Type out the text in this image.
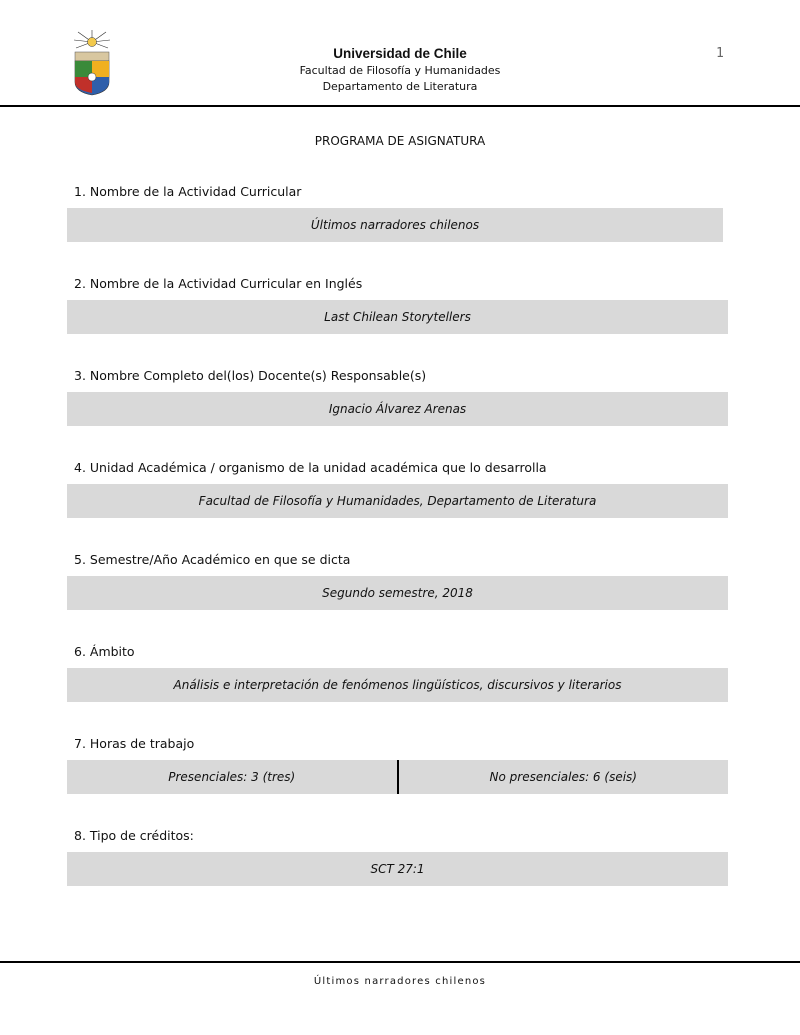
Universidad de Chile
Facultad de Filosofía y Humanidades
Departamento de Literatura
1
PROGRAMA DE ASIGNATURA
1. Nombre de la Actividad Curricular
Últimos narradores chilenos
2. Nombre de la Actividad Curricular en Inglés
Last Chilean Storytellers
3. Nombre Completo del(los) Docente(s) Responsable(s)
Ignacio Álvarez Arenas
4. Unidad Académica / organismo de la unidad académica que lo desarrolla
Facultad de Filosofía y Humanidades, Departamento de Literatura
5. Semestre/Año Académico en que se dicta
Segundo semestre, 2018
6. Ámbito
Análisis e interpretación de fenómenos lingüísticos, discursivos y literarios
7. Horas de trabajo
Presenciales: 3 (tres)	No presenciales: 6 (seis)
8. Tipo de créditos:
SCT 27:1
Últimos narradores chilenos
